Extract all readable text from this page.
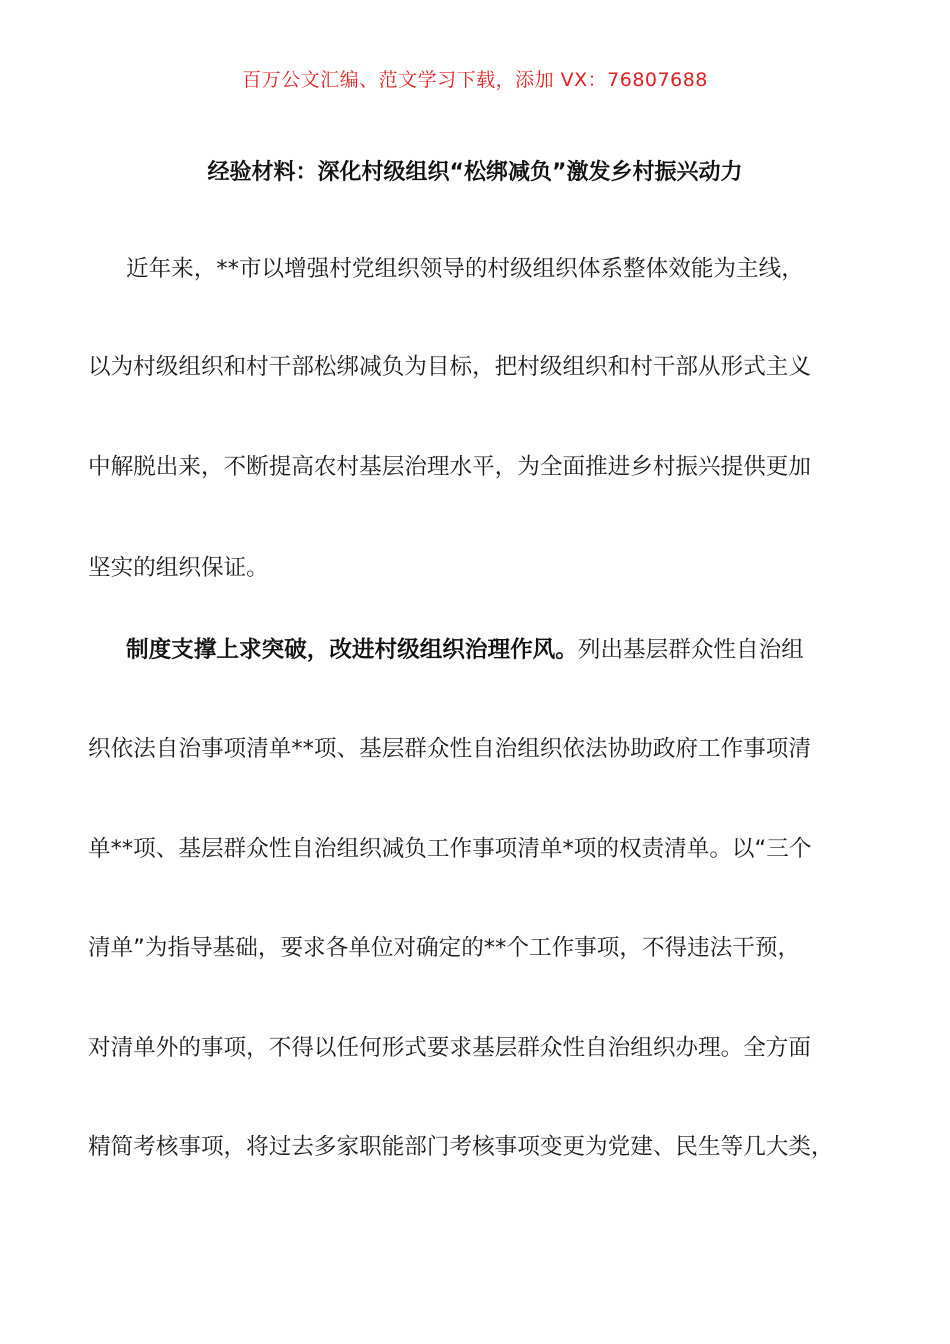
百万公文汇编、范文学习下载，添加 VX：76807688
经验材料：深化村级组织“松绑减负”激发乡村振兴动力
近年来，**市以增强村党组织领导的村级组织体系整体效能为主线，
以为村级组织和村干部松绑减负为目标，把村级组织和村干部从形式主义
中解脱出来，不断提高农村基层治理水平，为全面推进乡村振兴提供更加
坚实的组织保证。
制度支撑上求突破，改进村级组织治理作风。列出基层群众性自治组
织依法自治事项清单**项、基层群众性自治组织依法协助政府工作事项清
单**项、基层群众性自治组织减负工作事项清单*项的权责清单。以“三个
清单”为指导基础，要求各单位对确定的**个工作事项，不得违法干预，
对清单外的事项，不得以任何形式要求基层群众性自治组织办理。全方面
精简考核事项，将过去多家职能部门考核事项变更为党建、民生等几大类，
